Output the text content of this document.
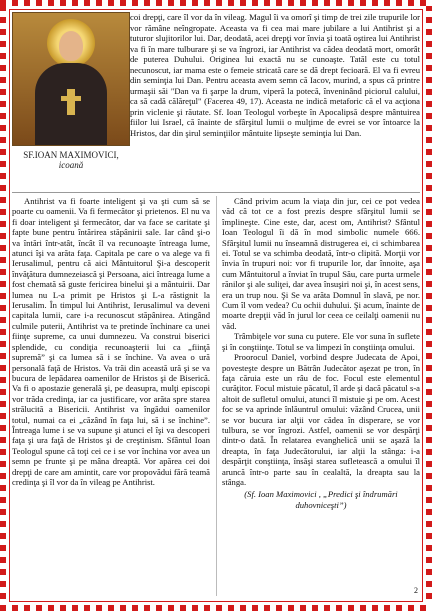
SF.IOAN MAXIMOVICI,
icoană
coi drepţi, care îl vor da în vileag. Magul îi va omorî şi timp de trei zile trupurile lor vor rămâne neîngropate. Aceasta va fi cea mai mare jubilare a lui Antihrist şi a tuturor slujitorilor lui. Dar, deodată, acei drepţi vor învia şi toată oştirea lui Antihrist va fi în mare tulburare şi se va îngrozi, iar Antihrist va cădea deodată mort, omorât de puterea Duhului. Originea lui exactă nu se cunoaşte. Tatăl este cu totul necunoscut, iar mama este o femeie stricată care se dă drept fecioară. El va fi evreu din seminţia lui Dan. Pentru aceasta avem semn că Iacov, murind, a spus că printre urmaşii săi "Dan va fi şarpe la drum, viperă la potecă, înveninând picioruI calului, ca să cadă călăreţul" (Facerea 49, 17). Aceasta ne indică metaforic că el va acţiona prin viclenie şi răutate. Sf. Ioan Teologul vorbeşte în Apocalipsă despre mântuirea fiilor lui Israel, că înainte de sfârşitul lumii o mulţime de evrei se vor întoarce la Hristos, dar din şirul seminţiilor mântuite lipseşte seminţia lui Dan.

Antihrist va fi foarte inteligent şi va şti cum să se poarte cu oamenii. Va fi fermecător şi prietenos. El nu va fi doar inteligent şi fermecător, dar va face se caritate şi fapte bune pentru întărirea stăpânirii sale. Iar când şi-o va întări într-atât, încât îl va recunoaşte întreaga lume, atunci îşi va arăta faţa. Capitala pe care o va alege va fi Ierusalimul, pentru că aici Mântuitorul Şi-a descoperit învăţătura dumnezeiască şi Persoana, aici întreaga lume a fost chemată să guste fericirea binelui şi a mântuirii. Dar lumea nu L-a primit pe Hristos şi L-a răstignit la Ierusalim. În timpul lui Antihrist, Ierusalimul va deveni capitala lumii, care i-a recunoscut stăpânirea. Atingând culmile puterii, Antihrist va te pretinde închinare ca unei fiinţe supreme, ca unui dumnezeu. Va construi biserici splendide, cu condiţia recunoaşterii lui ca „fiinţă supremă” şi ca lumea să i se închine. Va avea o ură personală faţă de Hristos. Va trăi din această ură şi se va bucura de lepădarea oamenilor de Hristos şi de Biserică. Va fi o apostazie generală şi, pe deasupra, mulţi episcopi vor trăda credinţa, iar ca justificare, vor arăta spre starea strălucită a Bisericii. Antihrist va îngădui oamenilor totul, numai ca ei „căzând în faţa lui, să i se închine”. Întreaga lume i se va supune şi atunci el îşi va descoperi faţa şi ura faţă de Hristos şi de creştinism. Sfântul Ioan Teologul spune că toţi cei ce i se vor închina vor avea un semn pe frunte şi pe mâna dreaptă. Vor apărea cei doi drepţi de care am amintit, care vor propovădui fără teamă credinţa şi îl vor da în vileag pe Antihrist.

Când privim acum la viaţa din jur, cei ce pot vedea văd că tot ce a fost prezis despre sfârşitul lumii se împlineşte. Cine este, dar, acest om, Antihrist? Sfântul Ioan Teologul îi dă în mod simbolic numele 666. Sfârşitul lumii nu înseamnă distrugerea ei, ci schimbarea ei. Totul se va schimba deodată, într-o clipită. Morţii vor învia în trupuri noi: vor fi trupurile lor, dar înnoite, aşa cum Mântuitorul a înviat în trupul Său, care purta urmele rănilor şi ale suliţei, dar avea însuşiri noi şi, în acest sens, era un trup nou. Şi Se va arăta Domnul în slavă, pe nor. Cum îl vom vedea? Cu ochii duhului. Şi acum, înainte de moarte drepţii văd în jurul lor ceea ce ceilalţi oamenii nu văd.

Trâmbiţele vor suna cu putere. Ele vor suna în suflete şi în conştiinţe. Totul se va limpezi în conştiinţa omului.

Proorocul Daniel, vorbind despre Judecata de Apoi, povesteşte despre un Bătrân Judecător aşezat pe tron, în faţa căruia este un râu de foc. Focul este elementul curăţitor. Focul mistuie păcatul, îl arde şi dacă păcatul s-a altoit de sufletul omului, atunci îl mistuie şi pe om. Acest foc se va aprinde înlăuntrul omului: văzând Crucea, unii se vor bucura iar alţii vor cădea în disperare, se vor tulbura, se vor îngrozi. Astfel, oamenii se vor despărţi dintr-o dată. În relatarea evanghelică unii se aşază la dreapta, în faţa Judecătorului, iar alţii la stânga: i-a despărţit conştiinţa, însăşi starea sufletească a omului îl aruncă într-o parte sau în cealaltă, la dreapta sau la stânga.

(Sf. Ioan Maximovici , „Predici şi îndrumări
duhovniceşti”)
2
